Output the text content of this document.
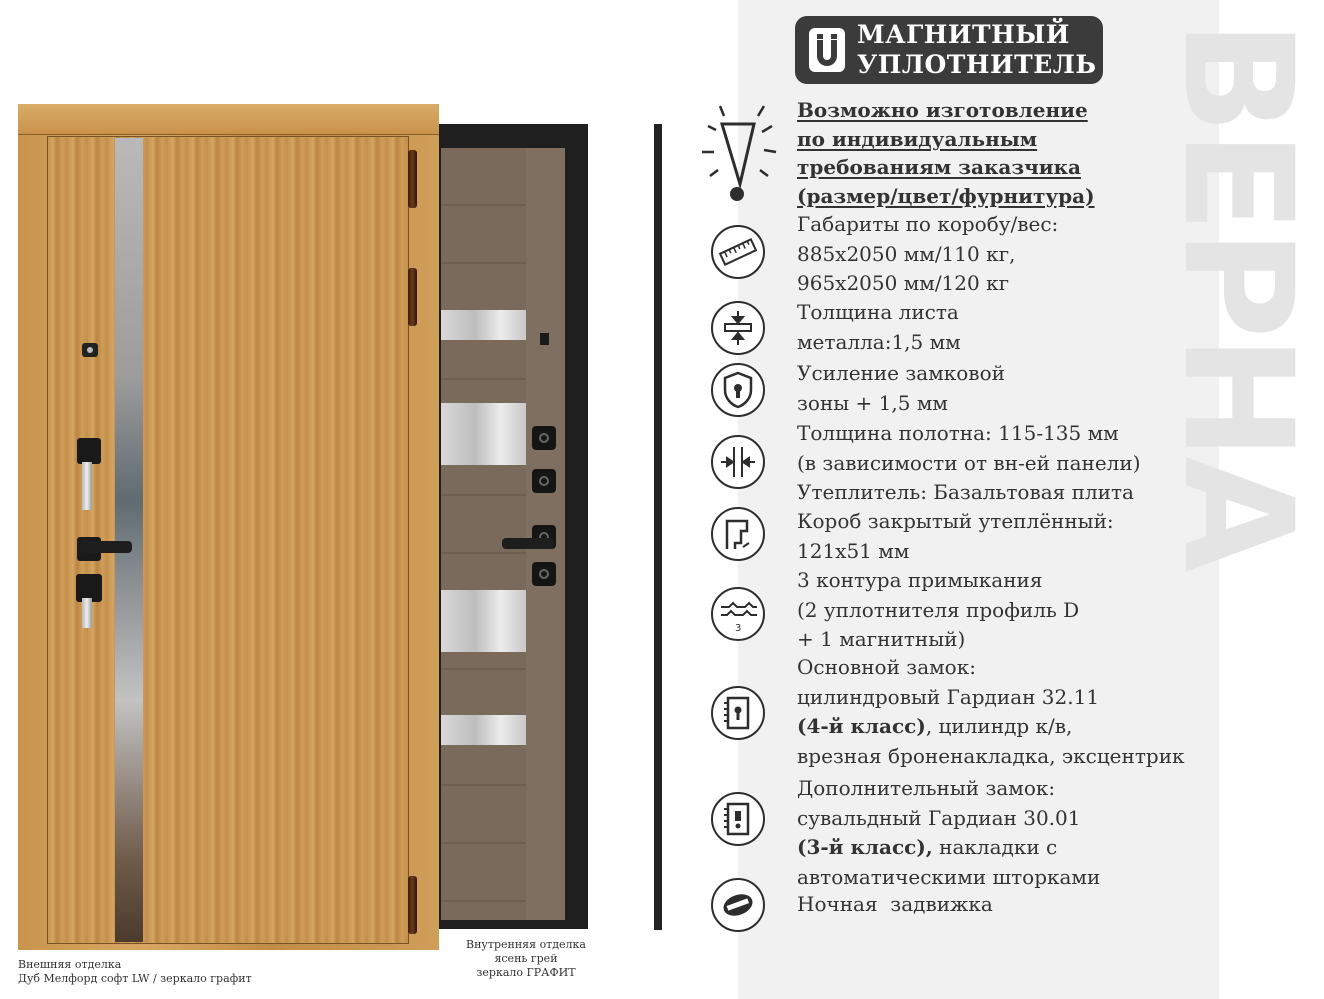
ВЕРНА
Внутренняя отделка
ясень грей
зеркало ГРАФИТ
Внешняя отделка
Дуб Мелфорд софт LW / зеркало графит
МАГНИТНЫЙ
УПЛОТНИТЕЛЬ
Возможно изготовление
по индивидуальным
требованиям заказчика
(размер/цвет/фурнитура)
3
Габариты по коробу/вес:
885х2050 мм/110 кг,
965х2050 мм/120 кг
Толщина листа
металла:1,5 мм
Усиление замковой
зоны + 1,5 мм
Толщина полотна: 115-135 мм
(в зависимости от вн-ей панели)
Утеплитель: Базальтовая плита
Короб закрытый утеплённый:
121х51 мм
3 контура примыкания
(2 уплотнителя профиль D
+ 1 магнитный)
Основной замок:
цилиндровый Гардиан 32.11
(4-й класс), цилиндр к/в,
врезная броненакладка, эксцентрик
Дополнительный замок:
сувальдный Гардиан 30.01
(3-й класс), накладки с
автоматическими шторками
Ночная  задвижка
